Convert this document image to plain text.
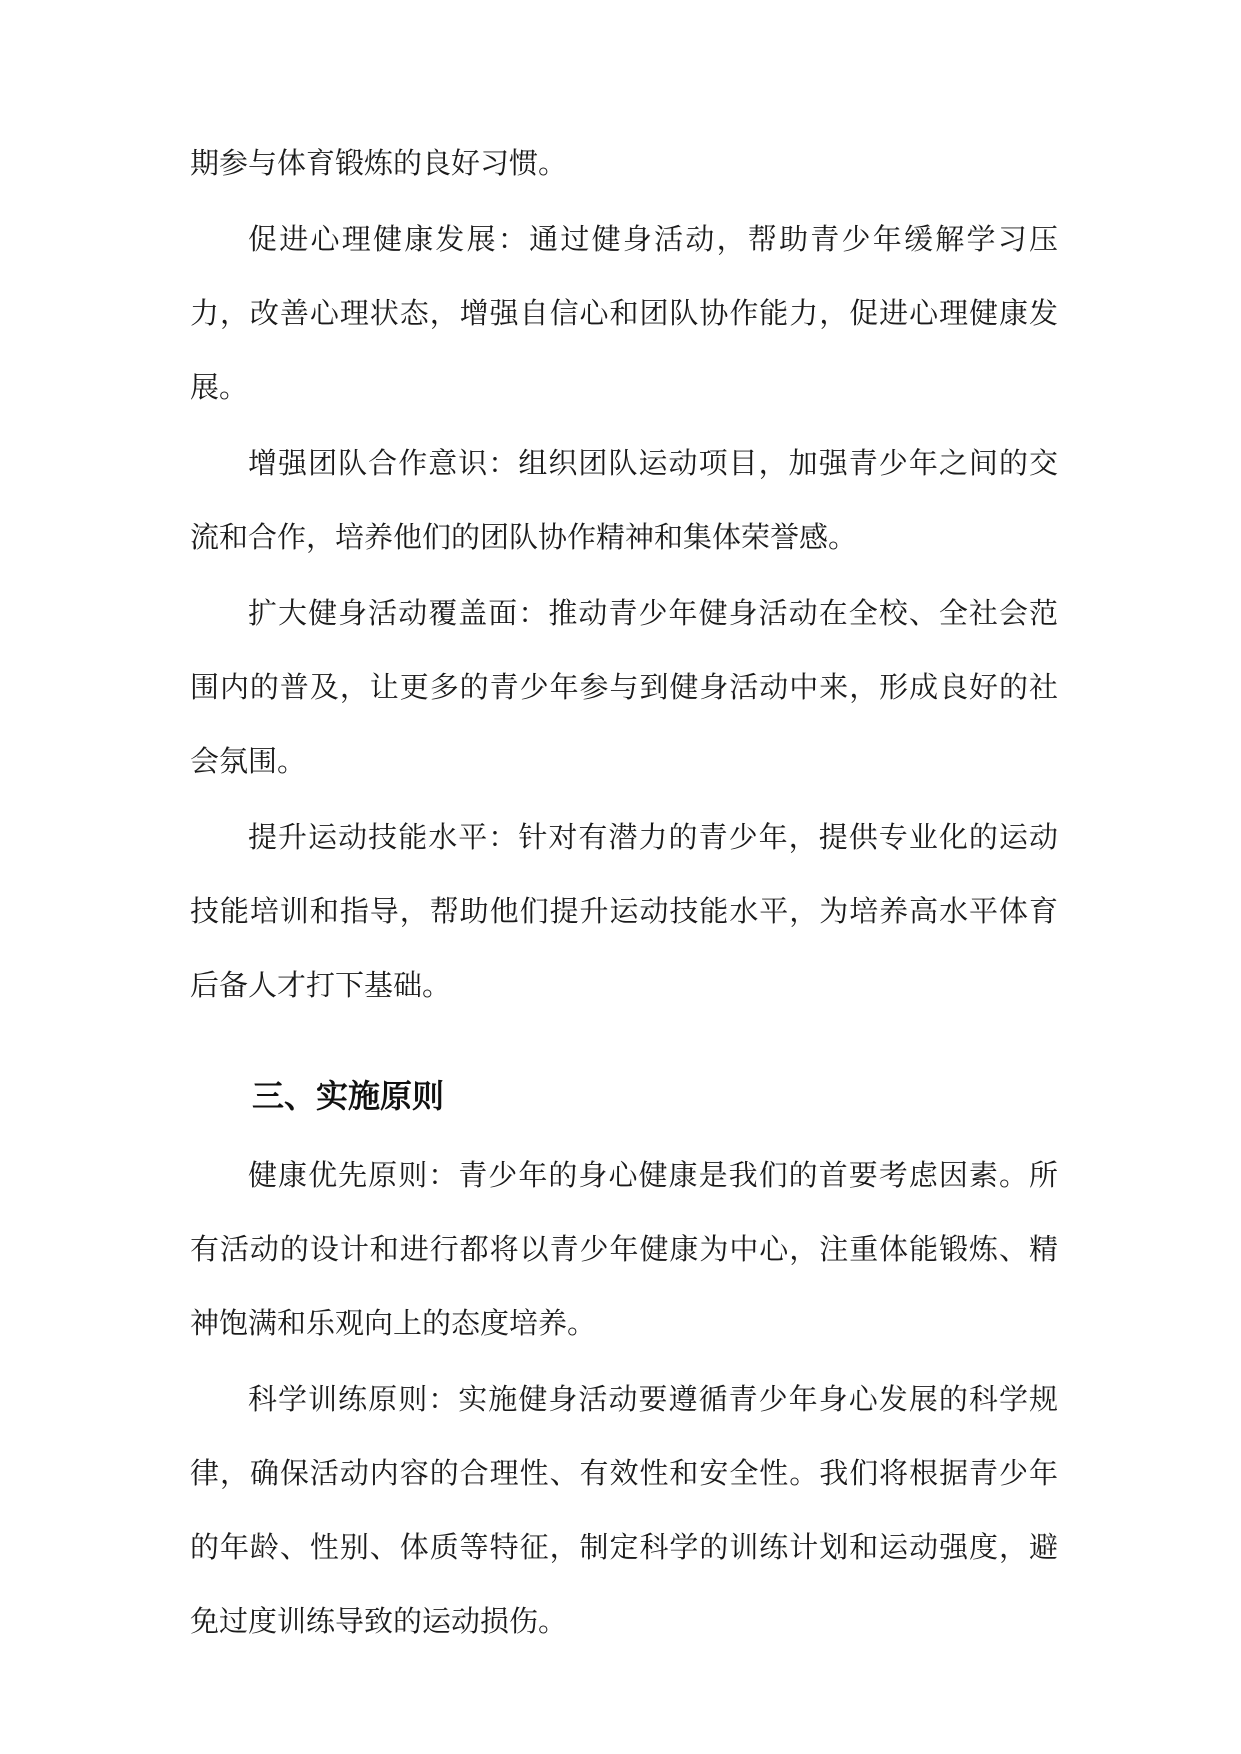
期参与体育锻炼的良好习惯。

促进心理健康发展：通过健身活动，帮助青少年缓解学习压力，改善心理状态，增强自信心和团队协作能力，促进心理健康发展。

增强团队合作意识：组织团队运动项目，加强青少年之间的交流和合作，培养他们的团队协作精神和集体荣誉感。

扩大健身活动覆盖面：推动青少年健身活动在全校、全社会范围内的普及，让更多的青少年参与到健身活动中来，形成良好的社会氛围。

提升运动技能水平：针对有潜力的青少年，提供专业化的运动技能培训和指导，帮助他们提升运动技能水平，为培养高水平体育后备人才打下基础。

三、实施原则

健康优先原则：青少年的身心健康是我们的首要考虑因素。所有活动的设计和进行都将以青少年健康为中心，注重体能锻炼、精神饱满和乐观向上的态度培养。

科学训练原则：实施健身活动要遵循青少年身心发展的科学规律，确保活动内容的合理性、有效性和安全性。我们将根据青少年的年龄、性别、体质等特征，制定科学的训练计划和运动强度，避免过度训练导致的运动损伤。
